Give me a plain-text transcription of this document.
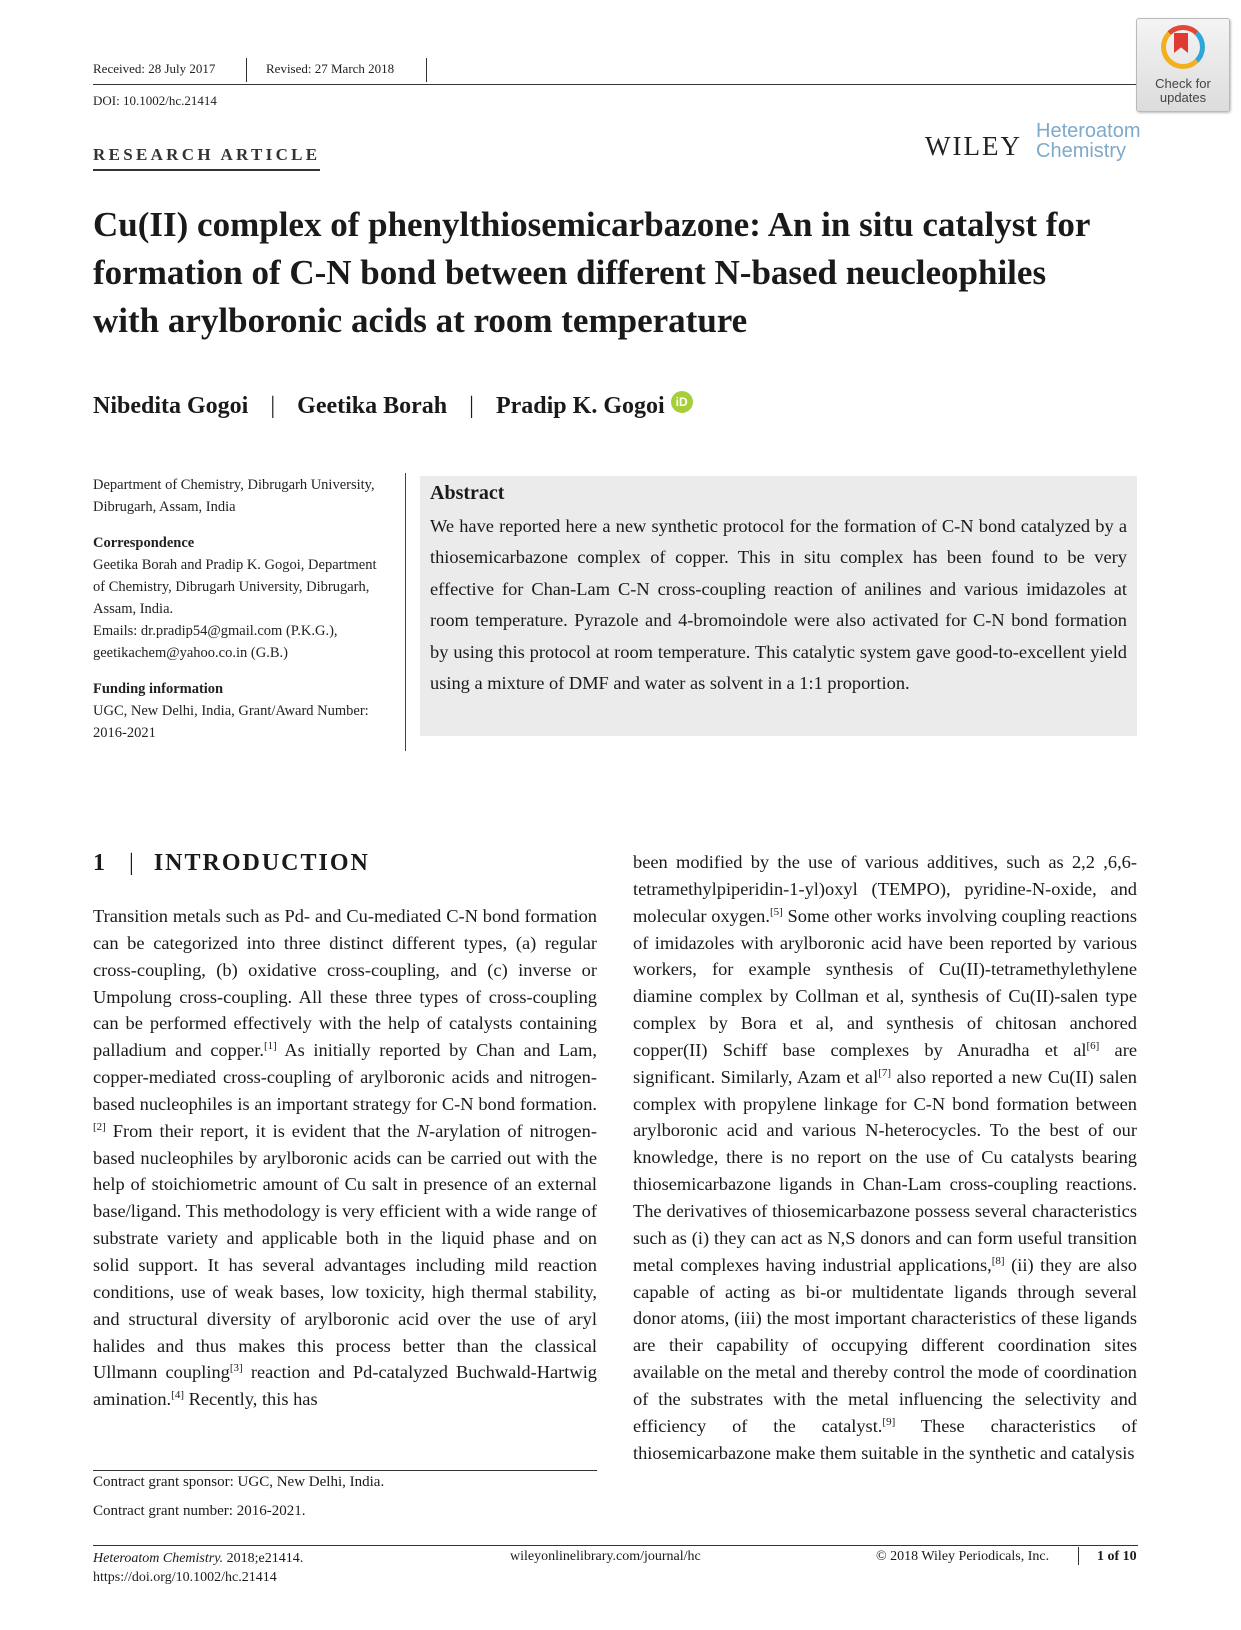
Received: 28 July 2017	Revised: 27 March 2018
DOI: 10.1002/hc.21414
Check for
updates
WILEY Heteroatom
Chemistry
RESEARCH ARTICLE
Cu(II) complex of phenylthiosemicarbazone: An in situ catalyst for formation of C-N bond between different N-based neucleophiles with arylboronic acids at room temperature
Nibedita Gogoi | Geetika Borah | Pradip K. Gogoi iD

Department of Chemistry, Dibrugarh University, Dibrugarh, Assam, India

Correspondence

Geetika Borah and Pradip K. Gogoi, Department of Chemistry, Dibrugarh University, Dibrugarh, Assam, India.

Emails: dr.pradip54@gmail.com (P.K.G.),

geetikachem@yahoo.co.in (G.B.)

Funding information

UGC, New Delhi, India, Grant/Award Number: 2016-2021

Abstract

We have reported here a new synthetic protocol for the formation of C-N bond catalyzed by a thiosemicarbazone complex of copper. This in situ complex has been found to be very effective for Chan-Lam C-N cross-coupling reaction of anilines and various imidazoles at room temperature. Pyrazole and 4-bromoindole were also activated for C-N bond formation by using this protocol at room temperature. This catalytic system gave good-to-excellent yield using a mixture of DMF and water as solvent in a 1:1 proportion.

1 | INTRODUCTION

Transition metals such as Pd- and Cu-mediated C-N bond formation can be categorized into three distinct different types, (a) regular cross-coupling, (b) oxidative cross-coupling, and (c) inverse or Umpolung cross-coupling. All these three types of cross-coupling can be performed effectively with the help of catalysts containing palladium and copper.[1] As initially reported by Chan and Lam, copper-mediated cross-coupling of arylboronic acids and nitrogen-based nucleophiles is an important strategy for C-N bond formation.[2] From their report, it is evident that the N-arylation of nitrogen-based nucleophiles by arylboronic acids can be carried out with the help of stoichiometric amount of Cu salt in presence of an external base/ligand. This methodology is very efficient with a wide range of substrate variety and applicable both in the liquid phase and on solid support. It has several advantages including mild reaction conditions, use of weak bases, low toxicity, high thermal stability, and structural diversity of arylboronic acid over the use of aryl halides and thus makes this process better than the classical Ullmann coupling[3] reaction and Pd-catalyzed Buchwald-Hartwig amination.[4] Recently, this has

been modified by the use of various additives, such as 2,2 ,6,6-tetramethylpiperidin-1-yl)oxyl (TEMPO), pyridine-N-oxide, and molecular oxygen.[5] Some other works involving coupling reactions of imidazoles with arylboronic acid have been reported by various workers, for example synthesis of Cu(II)-tetramethylethylene diamine complex by Collman et al, synthesis of Cu(II)-salen type complex by Bora et al, and synthesis of chitosan anchored copper(II) Schiff base complexes by Anuradha et al[6] are significant. Similarly, Azam et al[7] also reported a new Cu(II) salen complex with propylene linkage for C-N bond formation between arylboronic acid and various N-heterocycles. To the best of our knowledge, there is no report on the use of Cu catalysts bearing thiosemicarbazone ligands in Chan-Lam cross-coupling reactions. The derivatives of thiosemicarbazone possess several characteristics such as (i) they can act as N,S donors and can form useful transition metal complexes having industrial applications,[8] (ii) they are also capable of acting as bi-or multidentate ligands through several donor atoms, (iii) the most important characteristics of these ligands are their capability of occupying different coordination sites available on the metal and thereby control the mode of coordination of the substrates with the metal influencing the selectivity and efficiency of the catalyst.[9] These characteristics of thiosemicarbazone make them suitable in the synthetic and catalysis

Contract grant sponsor: UGC, New Delhi, India.
Contract grant number: 2016-2021.
Heteroatom Chemistry. 2018;e21414.
https://doi.org/10.1002/hc.21414
wileyonlinelibrary.com/journal/hc	© 2018 Wiley Periodicals, Inc.	1 of 10
